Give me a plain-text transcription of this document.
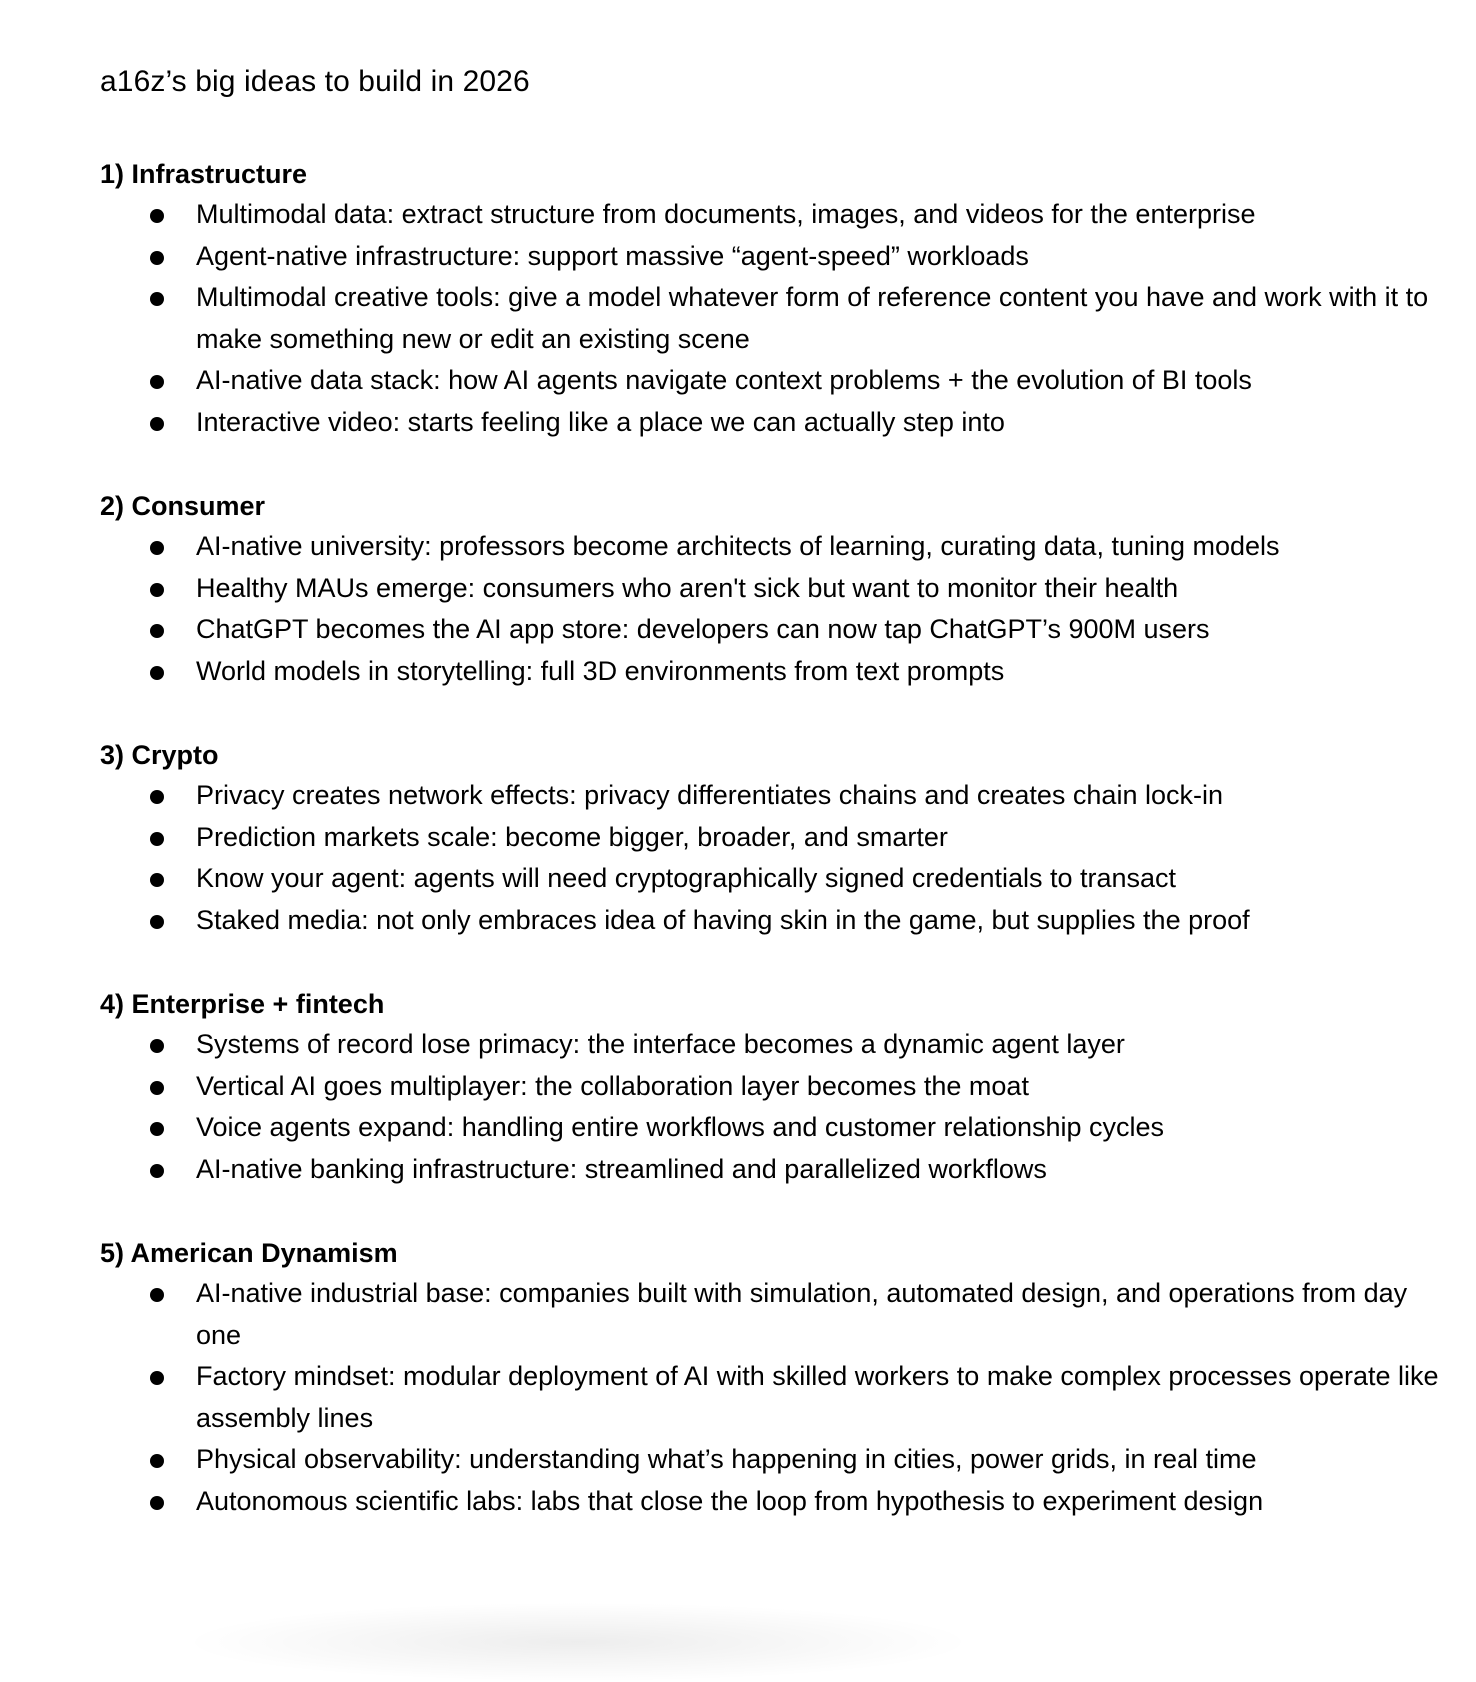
a16z’s big ideas to build in 2026
1) Infrastructure
Multimodal data: extract structure from documents, images, and videos for the enterprise
Agent-native infrastructure: support massive “agent-speed” workloads
Multimodal creative tools: give a model whatever form of reference content you have and work with it to make something new or edit an existing scene
AI-native data stack: how AI agents navigate context problems + the evolution of BI tools
Interactive video: starts feeling like a place we can actually step into
2) Consumer
AI-native university: professors become architects of learning, curating data, tuning models
Healthy MAUs emerge: consumers who aren't sick but want to monitor their health
ChatGPT becomes the AI app store: developers can now tap ChatGPT’s 900M users
World models in storytelling: full 3D environments from text prompts
3) Crypto
Privacy creates network effects: privacy differentiates chains and creates chain lock-in
Prediction markets scale: become bigger, broader, and smarter
Know your agent: agents will need cryptographically signed credentials to transact
Staked media: not only embraces idea of having skin in the game, but supplies the proof
4) Enterprise + fintech
Systems of record lose primacy: the interface becomes a dynamic agent layer
Vertical AI goes multiplayer: the collaboration layer becomes the moat
Voice agents expand: handling entire workflows and customer relationship cycles
AI-native banking infrastructure: streamlined and parallelized workflows
5) American Dynamism
AI-native industrial base: companies built with simulation, automated design, and operations from day one
Factory mindset: modular deployment of AI with skilled workers to make complex processes operate like assembly lines
Physical observability: understanding what’s happening in cities, power grids, in real time
Autonomous scientific labs: labs that close the loop from hypothesis to experiment design
